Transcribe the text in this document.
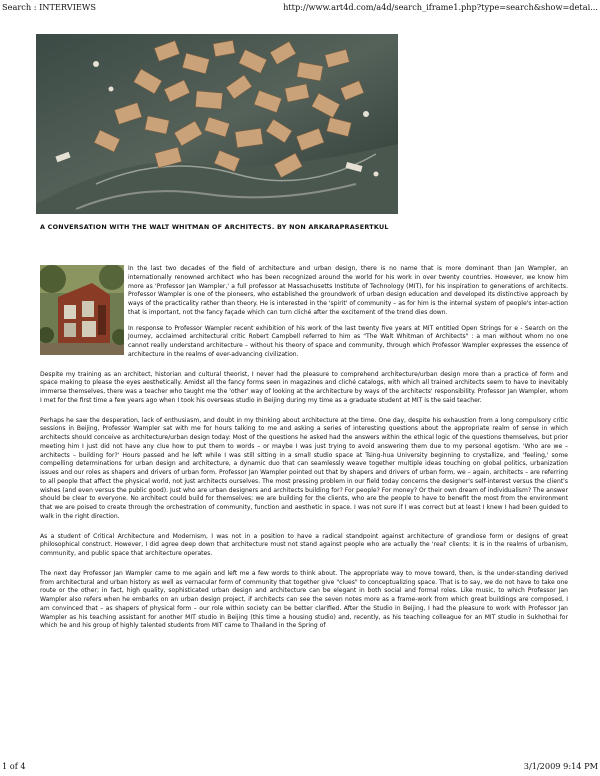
Search : INTERVIEWS	http://www.art4d.com/a4d/search_iframe1.php?type=search&show=detai...
A CONVERSATION WITH THE WALT WHITMAN OF ARCHITECTS. BY NON ARKARAPRASERTKUL

In the last two decades of the field of architecture and urban design, there is no name that is more dominant than Jan Wampler, an internationally renowned architect who has been recognized around the world for his work in over twenty countries. However, we know him more as 'Professor Jan Wampler,' a full professor at Massachusetts Institute of Technology (MIT), for his inspiration to generations of architects. Professor Wampler is one of the pioneers, who established the groundwork of urban design education and developed its distinctive approach by ways of the practicality rather than theory. He is interested in the 'spirit' of community – as for him is the internal system of people's inter-action that is important, not the fancy façade which can turn cliché after the excitement of the trend dies down.

In response to Professor Wampler recent exhibition of his work of the last twenty five years at MIT entitled Open Strings for e - Search on the Journey, acclaimed architectural critic Robert Campbell referred to him as "The Walt Whitman of Architects" : a man without whom no one cannot really understand architecture – without his theory of space and community, through which Professor Wampler expresses the essence of architecture in the realms of ever-advancing civilization.

Despite my training as an architect, historian and cultural theorist, I never had the pleasure to comprehend architecture/urban design more than a practice of form and space making to please the eyes aesthetically. Amidst all the fancy forms seen in magazines and cliché catalogs, with which all trained architects seem to have to inevitably immerse themselves, there was a teacher who taught me the 'other' way of looking at the architecture by ways of the architects' responsibility. Professor Jan Wampler, whom I met for the first time a few years ago when I took his overseas studio in Beijing during my time as a graduate student at MIT is the said teacher.

Perhaps he saw the desperation, lack of enthusiasm, and doubt in my thinking about architecture at the time. One day, despite his exhaustion from a long compulsory critic sessions in Beijing, Professor Wampler sat with me for hours talking to me and asking a series of interesting questions about the appropriate realm of sense in which architects should conceive as architecture/urban design today: Most of the questions he asked had the answers within the ethical logic of the questions themselves, but prior meeting him I just did not have any clue how to put them to words – or maybe I was just trying to avoid answering them due to my personal egotism. 'Who are we – architects – building for?' Hours passed and he left while I was still sitting in a small studio space at Tsing-hua University beginning to crystallize, and 'feeling,' some compelling determinations for urban design and architecture, a dynamic duo that can seamlessly weave together multiple ideas touching on global politics, urbanization issues and our roles as shapers and drivers of urban form. Professor Jan Wampler pointed out that by shapers and drivers of urban form, we – again, architects – are referring to all people that affect the physical world, not just architects ourselves. The most pressing problem in our field today concerns the designer's self-interest versus the client's wishes (and even versus the public good). Just who are urban designers and architects building for? For people? For money? Or their own dream of individualism? The answer should be clear to everyone. No architect could build for themselves; we are building for the clients, who are the people to have to benefit the most from the environment that we are poised to create through the orchestration of community, function and aesthetic in space. I was not sure if I was correct but at least I knew I had been guided to walk in the right direction.

As a student of Critical Architecture and Modernism, I was not in a position to have a radical standpoint against architecture of grandiose form or designs of great philosophical construct. However, I did agree deep down that architecture must not stand against people who are actually the 'real' clients: It is in the realms of urbanism, community, and public space that architecture operates.

The next day Professor Jan Wampler came to me again and left me a few words to think about. The appropriate way to move toward, then, is the under-standing derived from architectural and urban history as well as vernacular form of community that together give "clues" to conceptualizing space. That is to say, we do not have to take one route or the other; in fact, high quality, sophisticated urban design and architecture can be elegant in both social and formal roles. Like music, to which Professor Jan Wampler also refers when he embarks on an urban design project, if architects can see the seven notes more as a frame-work from which great buildings are composed, I am convinced that – as shapers of physical form – our role within society can be better clarified. After the Studio in Beijing, I had the pleasure to work with Professor Jan Wampler as his teaching assistant for another MIT studio in Beijing (this time a housing studio) and, recently, as his teaching colleague for an MIT studio in Sukhothai for which he and his group of highly talented students from MIT came to Thailand in the Spring of

1 of 4	3/1/2009 9:14 PM
